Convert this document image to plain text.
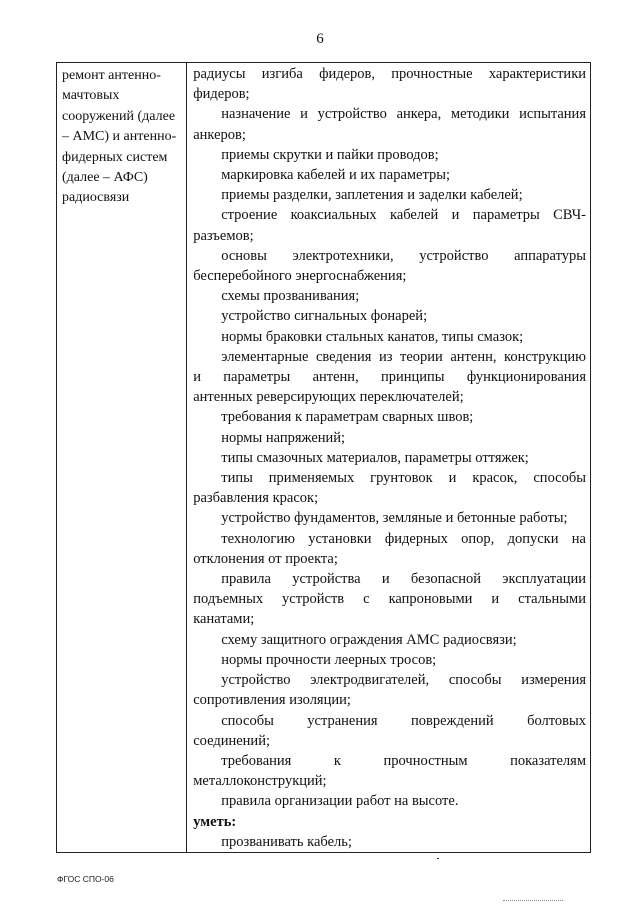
6
ремонт антенно-
мачтовых
сооружений (далее
– АМС) и антенно-
фидерных систем
(далее – АФС)
радиосвязи

радиусы изгиба фидеров, прочностные характеристики
фидеров;
назначение и устройство анкера, методики испытания
анкеров;
приемы скрутки и пайки проводов;
маркировка кабелей и их параметры;
приемы разделки, заплетения и заделки кабелей;
строение коаксиальных кабелей и параметры СВЧ-
разъемов;
основы электротехники, устройство аппаратуры
бесперебойного энергоснабжения;
схемы прозванивания;
устройство сигнальных фонарей;
нормы браковки стальных канатов, типы смазок;
элементарные сведения из теории антенн, конструкцию
и параметры антенн, принципы функционирования
антенных реверсирующих переключателей;
требования к параметрам сварных швов;
нормы напряжений;
типы смазочных материалов, параметры оттяжек;
типы применяемых грунтовок и красок, способы
разбавления красок;
устройство фундаментов, земляные и бетонные работы;
технологию установки фидерных опор, допуски на
отклонения от проекта;
правила устройства и безопасной эксплуатации
подъемных устройств с капроновыми и стальными
канатами;
схему защитного ограждения АМС радиосвязи;
нормы прочности леерных тросов;
устройство электродвигателей, способы измерения
сопротивления изоляции;
способы устранения повреждений болтовых
соединений;
требования к прочностным показателям
металлоконструкций;
правила организации работ на высоте.
уметь:
прозванивать кабель;
ФГОС СПО-06
